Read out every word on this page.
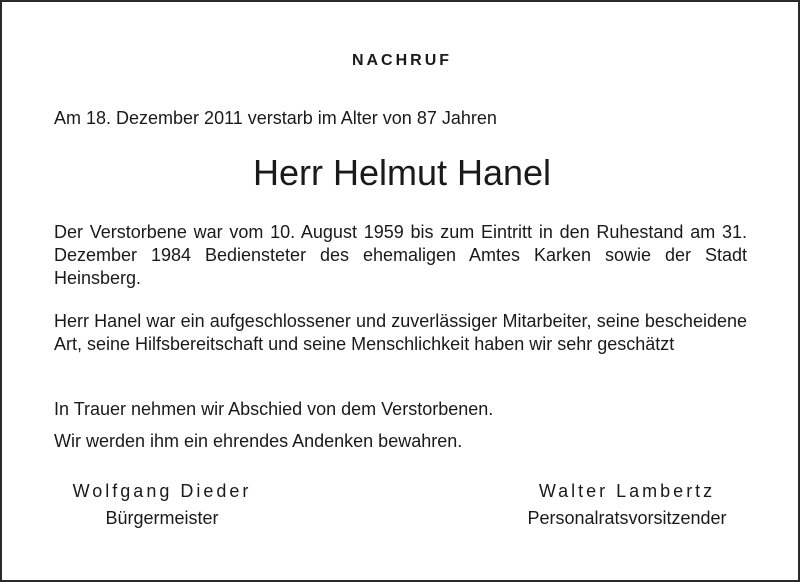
NACHRUF
Am 18. Dezember 2011 verstarb im Alter von 87 Jahren
Herr Helmut Hanel

Der Verstorbene war vom 10. August 1959 bis zum Eintritt in den Ruhestand am 31. Dezember 1984 Bediensteter des ehemaligen Amtes Karken sowie der Stadt Heinsberg.

Herr Hanel war ein aufgeschlossener und zuverlässiger Mitarbeiter, seine bescheidene Art, seine Hilfsbereitschaft und seine Menschlichkeit haben wir sehr geschätzt

In Trauer nehmen wir Abschied von dem Verstorbenen.

Wir werden ihm ein ehrendes Andenken bewahren.

Wolfgang Dieder
Bürgermeister
Walter Lambertz
Personalratsvorsitzender
